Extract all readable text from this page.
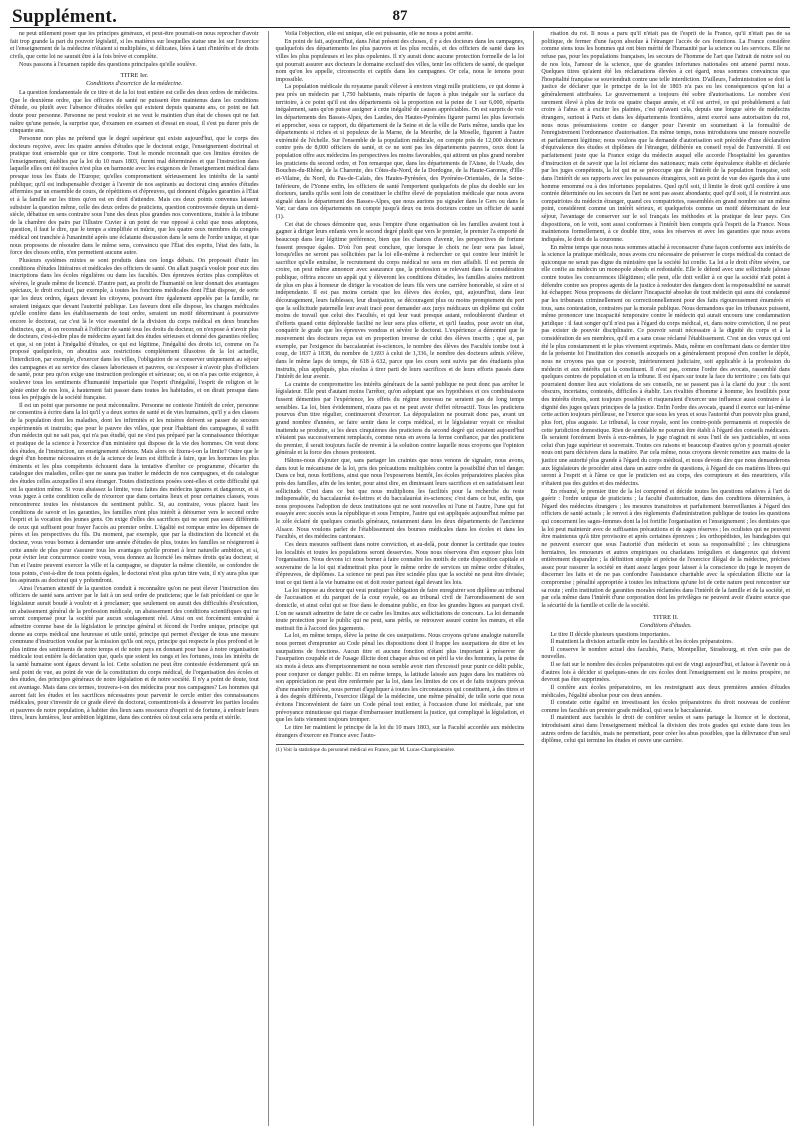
Supplément.	87

ne peut utilement poser que les principes généraux, et peut-être pourrait-on nous reprocher d'avoir fait trop grande la part du pouvoir législatif, si les matières sur lesquelles statue une loi sur l'exercice et l'enseignement de la médecine n'étaient si multipliées, si délicates, liées à tant d'intérêts et de droits civils, que cette loi ne saurait être à la fois brève et complète.

Nous passons à l'examen rapide des questions principales qu'elle soulève.

TITRE Ier.
Conditions d'exercice de la médecine.

La question fondamentale de ce titre et de la loi tout entière est celle des deux ordres de médecins. Que le deuxième ordre, que les officiers de santé ne puissent être maintenus dans les conditions d'étude, ou plutôt avec l'absence d'études réelles qui existent depuis quarante ans, ce point ne fait doute pour personne. Personne ne peut vouloir et ne veut le maintien d'un état de choses qui ne fait naître qu'une pensée, la surprise que, d'examen en examen et d'essai en essai, il s'est pu durer près de cinquante ans.

Personne non plus ne prétend que le degré supérieur qui existe aujourd'hui, que le corps des docteurs reçoive, avec les quatre années d'études que le doctorat exige, l'enseignement doctrinal et pratique tout ensemble que ce titre comporte. Tout le monde reconnaît que ces limites étroites de l'enseignement, établies par la loi du 10 mars 1803, furent mal déterminées et que l'instruction dans laquelle elles ont été tracées n'est plus en harmonie avec les exigences de l'enseignement médical dans presque tous les États de l'Europe; qu'elles compromettent sérieusement les intérêts de la santé publique; qu'il est indispensable d'exiger à l'avenir de nos aspirants au doctorat cinq années d'études affermies par un ensemble de cours, de répétitions et d'épreuves, qui donnent d'égales garanties à l'État et à la famille sur les titres qu'on est en droit d'attendre. Mais ces deux points convenus laissent subsister la question même, celle des deux ordres de praticiens, question controversée depuis un demi-siècle, débattue en sens contraire sous l'une des deux plus grandes nos conventions, traitée à la tribune de la chambre des pairs par l'illustre Cuvier à un point de vue opposé à celui que nous adoptons, question, il faut le dire, que le temps a simplifiée et mûrie, que les quatre ceux membres du congrès médical ont tranchée à l'unanimité après une éclatante discussion dans le sens de l'ordre unique, et que nous proposons de résoudre dans le même sens, convaincu que l'État des esprits, l'état des faits, la force des choses enfin, n'en permettent aucune autre.

Plusieurs systèmes mixtes se sont produits dans ces longs débats. On proposait d'unir les conditions d'études littéraires et médicales des officiers de santé. On allait jusqu'à vouloir pour eux des inscriptions dans les écoles régulières ou dans les facultés. Des épreuves écrites plus complètes et sévères, le grade même de licencié. D'autre part, au profit de l'humanité on leur donnait des avantages spéciaux, le droit exclusif, par exemple, à toutes les fonctions médicales dont l'État dispose, de sorte que les deux ordres, égaux devant les citoyens, pouvant être également appelés par la famille, ne seraient inégaux que devant l'autorité publique. Les faveurs dont elle dispose, les charges médicales qu'elle confère dans les établissements de tout ordre, seraient un motif déterminant à poursuivre encore le doctorat, car c'est là le vice essentiel de la division du corps médical en deux branches distinctes, que, si on reconnaît à l'officier de santé tous les droits du docteur, on n'expose à n'avoir plus de docteurs, c'est-à-dire plus de médecins ayant fait des études sérieuses et donné des garanties réelles; et que, si on joint à l'inégalité d'études, ce qui est légitime, l'inégalité des droits ici, comme on l'a proposé quelquefois, on aboutira aux restrictions complètement illusoires de la loi actuelle, l'interdiction, par exemple, d'exercer dans les villes, l'obligation de se conserver uniquement au séjour des campagnes et au service des classes laborieuses et pauvres, ou s'exposer à n'avoir plus d'officiers de santé, pour peu qu'on exige une instruction prolongée et sérieuse; ou, si on n'a pas cette exigence, à soulever tous les sentiments d'humanité impartiale que l'esprit d'inégalité, l'esprit de religion et le génie entier de nos lois, à hautement fait passer dans toutes les habitudes, et on dirait presque dans tous les préjugés de la société française.

Il est un point que personne ne peut méconnaître. Personne ne conteste l'intérêt de créer, personne ne consentira à écrire dans la loi qu'il y a deux sortes de santé et de vies humaines, qu'il y a des classes de la population dont les maladies, dont les infirmités et les misères doivent se passer de secours expérimentés et instruits; que pour le pauvre des villes, que pour l'habitant des campagnes, il suffit d'un médecin qui ne sait pas, qui n'a pas étudié, qui ne s'est pas préparé par la connaissance théorique et pratique de la science à l'exercice d'un ministère qui dispose de la vie des hommes. On veut donc des études, de l'instruction, un enseignement sérieux. Mais alors où fixera-t-on la limite? Outre que le degré d'un homme nécessaires et de la science de leurs est difficile à faire, que les hommes les plus éminents et les plus compétents échouent dans la tentative d'arrêter ce programme, d'écarter du catalogue des maladies, celles que ne saura pas traiter le médecin de nos campagnes, et du catalogue des études celles auxquelles il sera étranger. Toutes distinctions posées sont-elles et cette difficulté qui est la question même. Si vous abaissez la limite, vous faites des médecins ignares et dangereux, et si vous jugez à cette condition celle de n'exercer que dans certains lieux et pour certaines classes, vous rencontrerez toutes les résistances du sentiment public. Si, au contraire, vous placez haut les conditions de savoir et les garanties, les familles n'ont plus intérêt à détourner vers le second ordre l'esprit et la vocation des jeunes gens. On exige d'elles des sacrifices qui ne sont pas assez différents de ceux qui suffisent pour frayer l'accès au premier ordre. L'égalité est rompue entre les dépenses de pères et les perspectives du fils. Du moment, par exemple, que par la distinction du licencié et du docteur, vous vous bornez à demander une année d'études de plus, toutes les familles se résigneront à cette année de plus pour s'assurer tous les avantages qu'elle promet à leur naturelle ambition, et si, pour éviter leur concurrence contre vous, vous donnez au licencié les mêmes droits qu'au docteur, si l'un et l'autre peuvent exercer la ville et la campagne, se disputer la même clientèle, se confondre de tous points, c'est-à-dire de tous points égales, le doctorat n'est plus qu'un titre vain, il n'y aura plus que les aspirants au doctorat qui y prétendront.

Ainsi l'examen attentif de la question conduit à reconnaître qu'on ne peut élever l'instruction des officiers de santé sans arriver par le fait à un seul ordre de praticiens; que le fait précédant ce que le législateur aurait boudé à vouloir et à proclamer; que seulement on aurait des difficultés d'exécution, un abaissement général de la profession médicale, un abaissement des conditions scientifiques qui ne seront compensé pour la société par aucun soulagement réel. Ainsi on est forcément entraîné à admettre comme base de la législation le principe général et fécond de l'ordre unique, principe qui donne au corps médical une heureuse et utile unité, principe qui permet d'exiger de tous une mesure commune d'instruction voulue par la mission qu'ils ont reçu, principe qui respecte le plus profond et le plus intime des sentiments de notre temps et de notre pays en donnant pour base à notre organisation médicale tout entière la déclaration que, quels que soient les rangs et les fortunes, tous les intérêts de la santé humaine sont égaux devant la loi. Cette solution ne peut être contestée évidemment qu'à un seul point de vue, au point de vue de la constitution du corps médical, de l'organisation des écoles et des études, des principes généraux de notre législation et de notre société. Il n'y a point de doute, tout est avantage. Mais dans ces termes, trouvera-t-on des médecins pour nos campagnes? Les hommes qui auront fait les études et les sacrifices nécessaires pour parvenir le cercle entier des connaissances médicales, pour s'investir de ce grade élevé du doctorat, consentiront-ils à desservir les parties locales et pauvres de notre population, à habiter des lieux sans ressource d'esprit ni de fortune, à enfouir leurs titres, leurs lumières, leur ambition légitime, dans des contrées où tout cela sera perdu et stérile.

Voilà l'objection, elle est unique, elle est puissante, elle ne nous a point arrêté.

En point de fait, aujourd'hui, dans l'état présent des choses, il y a des docteurs dans les campagnes, quelquefois des départements les plus pauvres et les plus reculés, et des officiers de santé dans les villes les plus populeuses et les plus opulentes. Il n'y aurait donc aucune protection formelle de la loi qui pourrait assurer aux docteurs le domaine exclusif des villes, tenir les officiers de santé, de quelque nom qu'on les appelle, circonscrits et captifs dans les campagnes. Or cela, nous le tenons pour impossible.

La population médicale du royaume paraît s'élever à environ vingt mille praticiens, ce qui donne à peu près un médecin par 1,750 habitants, mais répartis de façon à plus inégale sur la surface du territoire, à ce point qu'il est des départements où la proportion est la peine de 1 sur 6,000, répartis inégalement, sans qu'on puisse assigner à cette inégalité de causes appréciables. On est surpris de voir les départements des Basses-Alpes, des Landes, des Hautes-Pyrénées figurer parmi les plus favorisés et approcher, sous ce rapport, du département de la Seine et de la ville de Paris même, tandis que les départements si riches et si populeux de la Marne, de la Meurthe, de la Moselle, figurent à l'autre extrémité de l'échelle. Sur l'ensemble de la population médicale, on compte près de 12,000 docteurs contre près de 8,000 officiers de santé, et ce ne sont pas les départements pauvres, ceux dont la population offre aux médecins les perspectives les moins favorables, qui attirent un plus grand nombre les praticiens du second ordre, et l'on remarque que, dans les départements de l'Aisne, de l'Aude, des Bouches-du-Rhône, de la Charente, des Côtes-du-Nord, de la Dordogne, de la Haute-Garonne, d'Ille-et-Vilaine, du Nord, du Pas-de-Calais, des Hautes-Pyrénées, des Pyrénées-Orientales, de la Seine-Inférieure, de l'Yonne enfin, les officiers de santé l'emportent quelquefois de plus du double sur les docteurs, tandis qu'ils sont loin de constituer le chiffre élevé de population médicale que nous avons signalé dans le département des Basses-Alpes, que nous aurions pu signaler dans le Gers ou dans le Var; car dans ces départements on compte jusqu'à deux ou trois docteurs contre un officier de santé (1).

Cet état de choses démontre que, sous l'empire d'une organisation où les familles avaient tout à gagner à diriger leurs enfants vers le second degré plutôt que vers le premier, le premier l'a emporté de beaucoup dans leur légitime préférence, bien que les chances d'avenir, les perspectives de fortune fussent presque égales. D'où l'on peut conclure, que lorsque le choix ne leur sera pas laissé, lorsqu'elles ne seront pas sollicitées par la loi elle-même à rechercher ce qui contre leur intérêt le sacrifice qu'elle entraîne, le recrutement du corps médical ne sera en rien affaibli. Il est permis de croire, on peut même annoncer avec assurance que, la profession se relevant dans la considération publique, offrira encore un appât qui y élèveront les conditions d'études, les familles aisées mettront de plus en plus à honneur de diriger la vocation de leurs fils vers une carrière honorable, si sûre et si indépendante. Il est pas moins certain que les élèves des écoles, qui, aujourd'hui, dans leur découragement, leurs faiblesses, leur dissipation, se découragent plus ou moins promptement du port que la sollicitude paternelle leur avait tracé pour demander aux jurys médicaux un diplôme qui coûte moins de travail que celui des Facultés, et qui leur vaut presque autant, redoubleront d'ardeur et d'efforts quand cette déplorable facilité ne leur sera plus offerte, et qu'il faudra, pour avoir un état, conquérir le grade que les épreuves vondras et sévère le doctorat. L'expérience a démontré que le mouvement des docteurs reçus est en proportion inverse de celui des élèves inscrits ; que si, par exemple, par l'exigence du baccalauréat ès-sciences, le nombre des élèves des Facultés tombe tout à coup, de 1837 à 1838, du nombre de 1,693 à celui de 1,336, le nombre des docteurs admis s'élève, dans le même laps de temps, de 618 à 632, parce que les cours sont suivis par des étudiants plus instruits, plus appliqués, plus résolus à tirer parti de leurs sacrifices et de leurs efforts passés dans l'intérêt de leur avenir.

La crainte de compromettre les intérêts généraux de la santé publique ne peut donc pas arrêter le législateur. Elle peut d'autant moins l'arrêter, qu'on adoptant que ses hypothèses et ces combinaisons fussent démenties par l'expérience, les effets du régime nouveau ne seraient pas de long temps sensibles. La loi, bien évidemment, n'aura pas et ne peut avoir d'effet rétroactif. Tous les praticiens pourvus d'un titre régulier, continueront d'exercer. La dépopulation ne pourrait donc pas, avant un grand nombre d'années, se faire sentir dans le corps médical, et le législateur voyait ce résultat inattendu se produire, si les deux cinquièmes des praticiens du second degré qui existent aujourd'hui n'étaient pas successivement remplacés, comme nous en avons la ferme confiance, par des praticiens du premier, il serait toujours facile de revenir à la solution contre laquelle nous croyons que l'opinion générale et la force des choses protestent.

Hâtons-nous d'ajouter que, sans partager les craintes que nous venons de signaler, nous avons, dans tout le mécanisme de la loi, pris des précautions multipliées contre la possibilité d'un tel danger. Dans ce but, nous fortifions, ainsi que nous l'exposerons bientôt, les écoles préparatoires placées plus près des familles, afin de les tenter, pour ainsi dire, en diminuant leurs sacrifices et en satisfaisant leur sollicitude. C'est dans ce but que nous multiplions les facilités pour la recherche du reste indispensable, du baccalauréat ès-lettres et du baccalauréat ès-sciences; c'est dans ce but, enfin, que nous proposons l'adoption de deux institutions qui ne sont nouvelles ni l'une ni l'autre, l'une qui fut essayée avec succès sous la république et sous l'empire, l'autre qui est appliquée aujourd'hui même par le zèle éclairé de quelques conseils généraux, notamment dans les deux départements de l'ancienne Alsace. Nous voulons parler de l'établissement des bourses médicales dans les écoles et dans les Facultés, et des médecins cantonaux.

Ces deux mesures suffisent dans notre conviction, et au-delà, pour donner la certitude que toutes les localités et toutes les populations seront desservies. Nous nous réservons d'en exposer plus loin l'organisation. Nous devons ici nous borner à faire connaître les motifs de cette disposition capitale et souveraine de la loi qui n'admettrait plus pour le même ordre de services un même ordre d'études, d'épreuves, de diplômes. La science ne peut pas être scindée plus que la société ne peut être divisée; tout ce qui tient à la vie humaine est et doit rester partout égal devant les lois.

La loi impose au docteur qui veut pratiquer l'obligation de faire enregistrer son diplôme au tribunal de l'accusation et du parquet de la cour royale, ou au tribunal civil de l'arrondissement de son domicile, et ainsi celui qui se fixe dans le domaine public, en fixe les grandes lignes au parquet civil. L'on ne saurait admettre de faire de ce cadre les limites aux sollicitations de concours. La loi demande toute protection pour le public qui ne peut, sans périls, se retrouver assuré contre les mœurs, et elle mettrait fin à l'accord des jugements.

La loi, en même temps, élève la peine de ces usurpations. Nous croyons qu'une analogie naturelle nous permet d'emprunter au Code pénal les dispositions dont il frappe les usurpations de titre et les usurpations de fonctions. Aucun titre et aucune fonction n'étant plus important à préserver de l'usurpation coupable et de l'usage illicite dont chaque abus est en péril la vie des hommes, la peine de six mois à deux ans d'emprisonnement ne nous semble avoir rien d'excessif pour punir ce délit public, pour conjurer ce danger public. Et en même temps, la latitude laissée aux juges dans les matières où son appréciation ne peut être renfermée par la loi, dans les limites de ces et de faits toujours prévus d'une manière précise, nous permet d'appliquer à toutes les circonstances qui constituent, à des titres et à des degrés différents, l'exercice illégal de la médecine, une même pénalité, de telle sorte que nous évitons l'inconvénient de faire un Code pénal tout entier, à l'occasion d'une loi médicale, par une prévoyance minutieuse qui risque d'embarrasser inutilement la justice, qui compliqué la législation, et que les faits viennent toujours tromper.

Le titre Ier maintient le principe de la loi du 10 mars 1803, sur la Faculté accordée aux médecins étrangers d'exercer en France avec l'auto-

(1) Voir la statistique du personnel médical en France, par M. Lucas-Championnière.

risation du roi. Il nous a paru qu'il n'était pas de l'esprit de la France, qu'il n'était pas de sa politique, de fermer d'une façon absolue à l'étranger l'accès de ces fonctions. La France considère comme siens tous les hommes qui ont bien mérité de l'humanité par la science ou les services. Elle ne refuse pas, pour les populations françaises, les secours de l'homme de l'art que l'attrait de notre sol ou de nos lois, l'amour de la science, que de grandes infortunes nationales ont amené parmi nous. Quelques titres qu'aient été les réclamations élevées à cet égard, nous sommes convaincus que l'hospitalité française se souviendrait contre une telle interdiction. D'ailleurs, l'administration se doit la justice de déclarer que le principe de la loi de 1803 n'a pas eu les conséquences qu'on lui a généralement attribuées. Le gouvernement a toujours été sobre d'autorisations. Le nombre s'est rarement élevé à plus de trois ou quatre chaque année, et s'il est arrivé, ce qui probablement a fait croire à l'abus et à exciter les plaintes, c'est qu'avant cela, depuis une longue série de médecins étrangers, surtout à Paris et dans les départements frontières, aient exercé sans autorisation du roi, nous nous présumissions contre ce danger pour l'avenir en soumettant à la formalité de l'enregistrement l'ordonnance d'autorisation. En même temps, nous introduisons une mesure nouvelle et parfaitement légitime; nous voulons que la demande d'autorisation soit précédée d'une déclaration d'équivalence des études et diplômes de l'étranger, délibérée en conseil royal de l'université. Il est parfaitement juste que la France exige du médecin auquel elle accorde l'hospitalité les garanties d'instruction et de savoir que la loi réclame des nationaux; mais cette équivalence établie et déclarée par les juges compétents, la loi qui ne se préoccupe que de l'intérêt de la population française, soit dans l'intérêt de ses rapports avec les puissances étrangères, soit au point de vue des égards dus à une homme renommé ou à des infortunes populaires. Quel qu'il soit, il limite le droit qu'il confère à une contrée déterminée ou les secours de l'art ne sont pas assez abondants; quel qu'il soit, il le restreint aux compatriotes du médecin étranger, quand ces compatriotes, rassemblés en grand nombre sur un même point, considèrent comme un intérêt sérieux, et quelquefois comme un motif déterminant de leur séjour, l'avantage de conserver sur le sol français les méthodes et la pratique de leur pays. Ces dispositions, on le voit, sont aussi conformes à l'intérêt bien compris qu'à l'esprit de la France. Nous maintenons formellement, à ce double titre, sous les réserves et avec les garanties que nous avons indiquées, le droit de la couronne.

En même temps que nous nous sommes attaché à reconsacrer d'une façon conforme aux intérêts de la science la pratique médicale, nous avons cru nécessaire de préserver le corps médical du contact de quiconque ne serait pas digne du ministère que la société lui confie. La loi a le droit d'être sévère, car elle confie au médecin un monopole absolu et redoutable. Elle le défend avec une sollicitude jalouse contre toutes les concurrences illégitimes; elle peut, elle doit veiller à ce que la société n'ait point à défendre contre ses propres agents de la justice à redouter des dangers dont la responsabilité ne saurait lui échapper. Nous proposons de déclarer l'incapacité absolue de tout médecin qui aura été condamné par les tribunaux criminellement ou correctionnellement pour des faits rigoureusement énumérés et tous, sans contestation, contraires par la morale publique. Nous demandons que les tribunaux puissent, même prononcer une incapacité temporaire contre le médecin qui aurait encouru une condamnation juridique : il faut songer qu'il n'est pas à l'égard du corps médical, et, dans notre conviction, il ne peut pas exister de pouvoir disciplinaire. Ce pouvoir serait nécessaire à la dignité du corps et à la considération de ses membres, qu'il en a sans cesse réclamé l'établissement. C'est un des vœux qui ont été le plus constamment et le plus vivement exprimés. Mais, même en confirmant dans ce dernier titre de la présente loi l'institution des conseils auxquels on a généralement proposé d'en confier le dépôt, nous ne croyons pas que ce pouvoir, intérieurement judiciaire, soit applicable à la profession du médecin et aux intérêts qui la constituent. Il n'est pas, comme l'ordre des avocats, rassemblé dans quelques centres de population et en la tribune. Il est épars sur toute la face du territoire ; ces faits qui pourraient donner lieu aux violations de ses conseils, ne se passent pas à la clarté du jour : ils sont obscurs, incertains, contestés, difficiles à établir. Les rivalités d'homme à homme, les hostilités pour des intérêts étroits, sont toujours possibles et risqueraient d'exercer une influence aussi contraire à la dignité des juges qu'aux principes de la justice. Enfin l'ordre des avocats, quand il exerce sur lui-même cette action toujours périlleuse, ne l'exerce que sous les yeux et sous l'autorité d'un pouvoir plus grand, plus fort, plus auguste. Le tribunal, la cour royale, sont les contre-poids permanents et respectés de cette juridiction domestique. Rien de semblable ne pourrait être établi à l'égard des conseils médicaux. Ils seraient forcément livrés à eux-mêmes, le juge n'agirait ni sous l'œil de ses justiciables, ni sous celui d'un juge supérieur et souverain. Toutes ces raisons et beaucoup d'autres qu'on y pourrait ajouter nous ont paru décisives dans la matière. Par cela même, nous croyons devoir remettre aux mains de la justice une autorité plus grande à l'égard du corps médical, et nous devons dire que nous demanderons aux législateurs de procéder ainsi dans un autre ordre de questions, à l'égard de ces matières libres qui seront à l'esprit et à l'âme ce que le praticien est au corps, des corrupteurs et des meurtriers, s'ils n'étaient pas des guides et des médecins.

En résumé, le premier titre de la loi comprend et décide toutes les questions relatives à l'art de guérir : l'ordre unique de praticiens ; la faculté d'autorisation, dans des conditions déterminées, à l'égard des médecins étrangers ; les mesures transitoires et parfaitement bienveillantes à l'égard des officiers de santé actuels ; le renvoi à des règlements d'administration publique de toutes les questions qui concernent les sages-femmes dont la loi fortifie l'organisation et l'enseignement ; les dentistes que la loi peut maintenir avec de suffisantes précautions et de sages réserves ; les oculistes qui ne peuvent être maintenus qu'à titre provisoire et après certaines épreuves ; les orthopédistes, les bandagistes qui ne peuvent exercer que sous l'autorité d'un médecin et sous sa responsabilité ; les chirurgiens herniaires, les renoueurs et autres empiriques ou charlatans irréguliers et dangereux qui doivent entièrement disparaître ; la définition simple et précise de l'exercice illégal de la médecine, précises assez pour rassurer la société en étant assez larges pour laisser à la conscience du juge le moyen de discerner les faits et de ne pas confondre l'assistance charitable avec la spéculation illicite sur la compromise ; pénalité appropriée à toutes les infractions qu'une loi de cette nature peut rencontrer sur sa route ; enfin institution de garanties morales réclamées dans l'intérêt de la famille et de la société, et par cela même dans l'intérêt d'une corporation dont les privilèges ne peuvent avoir d'autre source que la sécurité de la famille et celle de la société.

TITRE II.
Conditions d'études.

Le titre II décide plusieurs questions importantes.

Il maintient la division actuelle entre les facultés et les écoles préparatoires.

Il conserve le nombre actuel des facultés, Paris, Montpellier, Strasbourg, et n'en crée pas de nouvelles.

Il se fait sur le nombre des écoles préparatoires qui est de vingt aujourd'hui, et laisse à l'avenir ou à d'autres lois à décider si quelques-unes de ces écoles dont l'enseignement est le moins prospère, ne devront pas être supprimées.

Il confère aux écoles préparatoires, en les restreignant aux deux premières années d'études médicales, l'égalité absolue pour ces deux années.

Il constate cette égalité en investissant les écoles préparatoires du droit nouveau de conférer comme les facultés un premier grade médical, qui sera le baccalauréat.

Il maintient aux facultés le droit de conférer seules et sans partage la licence et le doctorat, introduisant ainsi dans l'enseignement médical la division des trois grades qui existe dans tous les autres ordres de facultés, mais ne permettant, pour créer les abus possibles, que la délivrance d'un seul diplôme, celui qui termine les études et ouvre une carrière.
